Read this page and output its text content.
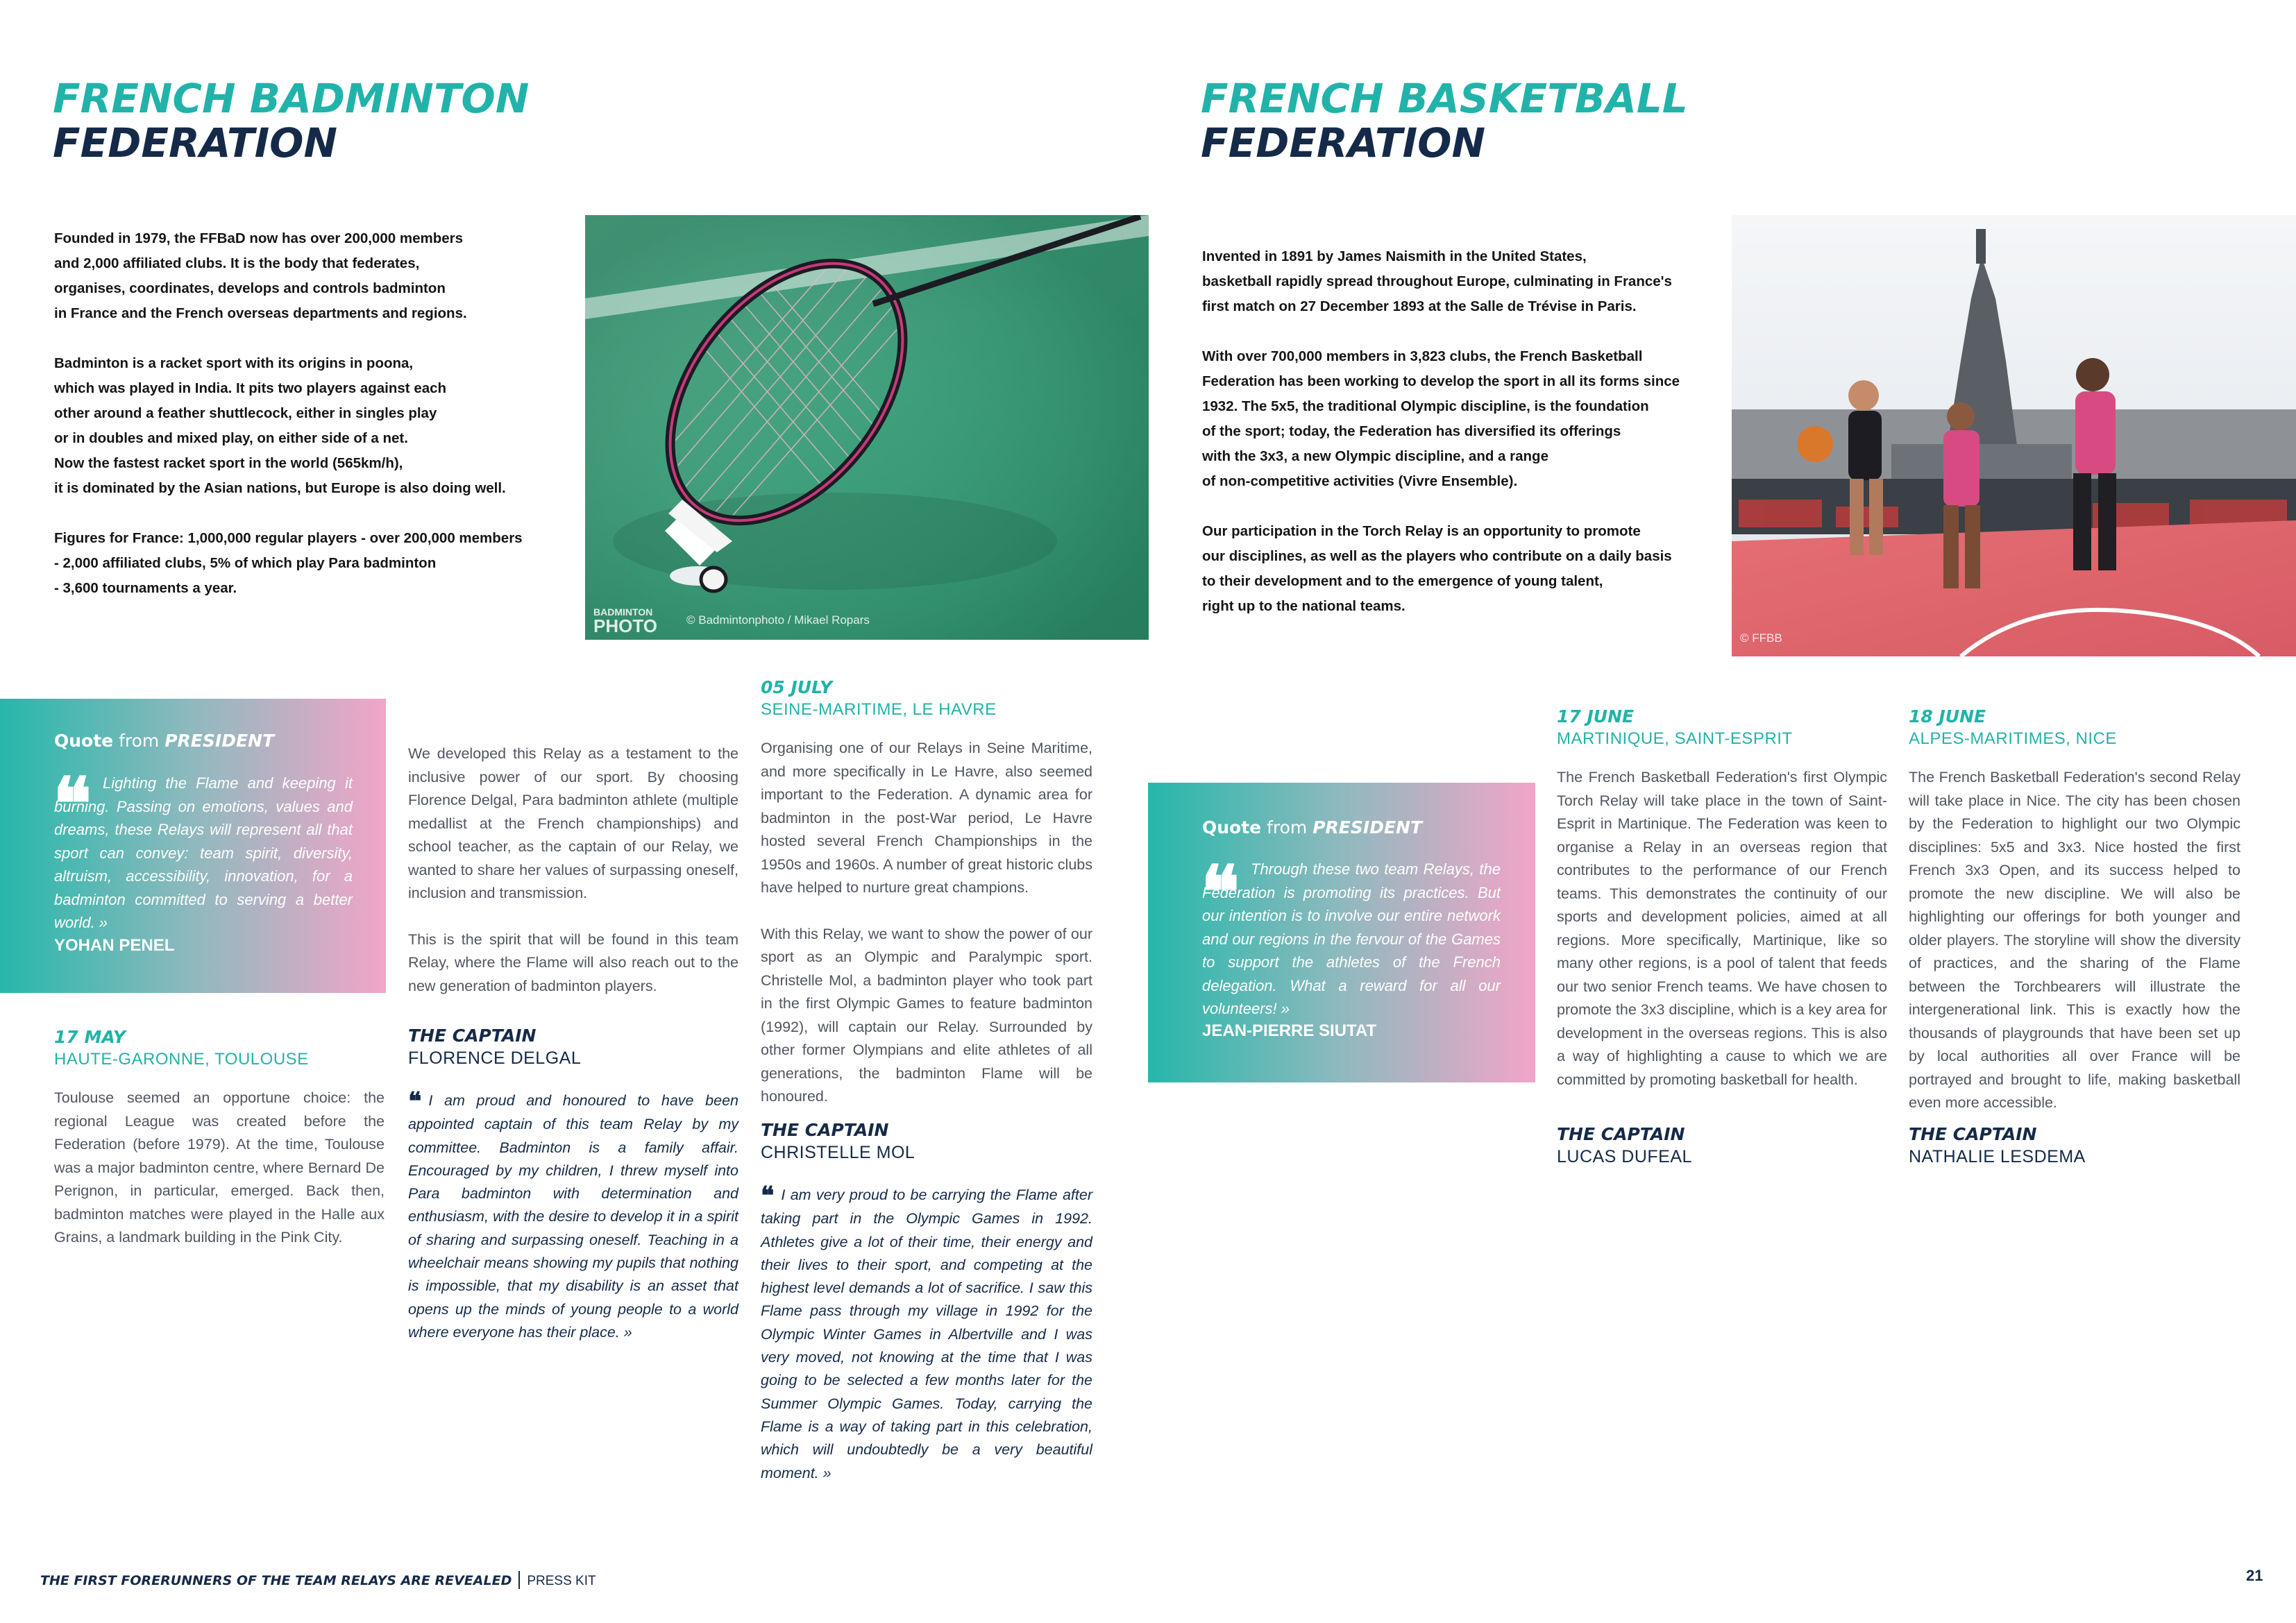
FRENCH BADMINTON
FEDERATION

Founded in 1979, the FFBaD now has over 200,000 members
and 2,000 affiliated clubs. It is the body that federates,
organises, coordinates, develops and controls badminton
in France and the French overseas departments and regions.

Badminton is a racket sport with its origins in poona,
which was played in India. It pits two players against each
other around a feather shuttlecock, either in singles play
or in doubles and mixed play, on either side of a net.
Now the fastest racket sport in the world (565km/h),
it is dominated by the Asian nations, but Europe is also doing well.

Figures for France: 1,000,000 regular players - over 200,000 members
- 2,000 affiliated clubs, 5% of which play Para badminton
- 3,600 tournaments a year.

BADMINTON
PHOTO © Badmintonphoto / Mikael Ropars
Quote from PRESIDENT
❝ Lighting the Flame and keeping it burning. Passing on emotions, values and dreams, these Relays will represent all that sport can convey: team spirit, diversity, altruism, accessibility, innovation, for a badminton committed to serving a better world. »
YOHAN PENEL
17 MAY
HAUTE-GARONNE, TOULOUSE
Toulouse seemed an opportune choice: the regional League was created before the Federation (before 1979). At the time, Toulouse was a major badminton centre, where Bernard De Perignon, in particular, emerged. Back then, badminton matches were played in the Halle aux Grains, a landmark building in the Pink City.

We developed this Relay as a testament to the inclusive power of our sport. By choosing Florence Delgal, Para badminton athlete (multiple medallist at the French championships) and school teacher, as the captain of our Relay, we wanted to share her values of surpassing oneself, inclusion and transmission.

This is the spirit that will be found in this team Relay, where the Flame will also reach out to the new generation of badminton players.

THE CAPTAIN
FLORENCE DELGAL
❝ I am proud and honoured to have been appointed captain of this team Relay by my committee. Badminton is a family affair. Encouraged by my children, I threw myself into Para badminton with determination and enthusiasm, with the desire to develop it in a spirit of sharing and surpassing oneself. Teaching in a wheelchair means showing my pupils that nothing is impossible, that my disability is an asset that opens up the minds of young people to a world where everyone has their place. »
05 JULY
SEINE-MARITIME, LE HAVRE

Organising one of our Relays in Seine Maritime, and more specifically in Le Havre, also seemed important to the Federation. A dynamic area for badminton in the post-War period, Le Havre hosted several French Championships in the 1950s and 1960s. A number of great historic clubs have helped to nurture great champions.

With this Relay, we want to show the power of our sport as an Olympic and Paralympic sport. Christelle Mol, a badminton player who took part in the first Olympic Games to feature badminton (1992), will captain our Relay. Surrounded by other former Olympians and elite athletes of all generations, the badminton Flame will be honoured.

THE CAPTAIN
CHRISTELLE MOL
❝ I am very proud to be carrying the Flame after taking part in the Olympic Games in 1992. Athletes give a lot of their time, their energy and their lives to their sport, and competing at the highest level demands a lot of sacrifice. I saw this Flame pass through my village in 1992 for the Olympic Winter Games in Albertville and I was very moved, not knowing at the time that I was going to be selected a few months later for the Summer Olympic Games. Today, carrying the Flame is a way of taking part in this celebration, which will undoubtedly be a very beautiful moment. »
FRENCH BASKETBALL
FEDERATION

Invented in 1891 by James Naismith in the United States,
basketball rapidly spread throughout Europe, culminating in France's
first match on 27 December 1893 at the Salle de Trévise in Paris.

With over 700,000 members in 3,823 clubs, the French Basketball
Federation has been working to develop the sport in all its forms since
1932. The 5x5, the traditional Olympic discipline, is the foundation
of the sport; today, the Federation has diversified its offerings
with the 3x3, a new Olympic discipline, and a range
of non-competitive activities (Vivre Ensemble).

Our participation in the Torch Relay is an opportunity to promote
our disciplines, as well as the players who contribute on a daily basis
to their development and to the emergence of young talent,
right up to the national teams.

© FFBB
Quote from PRESIDENT
❝ Through these two team Relays, the Federation is promoting its practices. But our intention is to involve our entire network and our regions in the fervour of the Games to support the athletes of the French delegation. What a reward for all our volunteers! »
JEAN-PIERRE SIUTAT
17 JUNE
MARTINIQUE, SAINT-ESPRIT
The French Basketball Federation's first Olympic Torch Relay will take place in the town of Saint-Esprit in Martinique. The Federation was keen to organise a Relay in an overseas region that contributes to the performance of our French teams. This demonstrates the continuity of our sports and development policies, aimed at all regions. More specifically, Martinique, like so many other regions, is a pool of talent that feeds our two senior French teams. We have chosen to promote the 3x3 discipline, which is a key area for development in the overseas regions. This is also a way of highlighting a cause to which we are committed by promoting basketball for health.
THE CAPTAIN
LUCAS DUFEAL
18 JUNE
ALPES-MARITIMES, NICE
The French Basketball Federation's second Relay will take place in Nice. The city has been chosen by the Federation to highlight our two Olympic disciplines: 5x5 and 3x3. Nice hosted the first French 3x3 Open, and its success helped to promote the new discipline. We will also be highlighting our offerings for both younger and older players. The storyline will show the diversity of practices, and the sharing of the Flame between the Torchbearers will illustrate the intergenerational link. This is exactly how the thousands of playgrounds that have been set up by local authorities all over France will be portrayed and brought to life, making basketball even more accessible.
THE CAPTAIN
NATHALIE LESDEMA
THE FIRST FORERUNNERS OF THE TEAM RELAYS ARE REVEALED PRESS KIT	21
